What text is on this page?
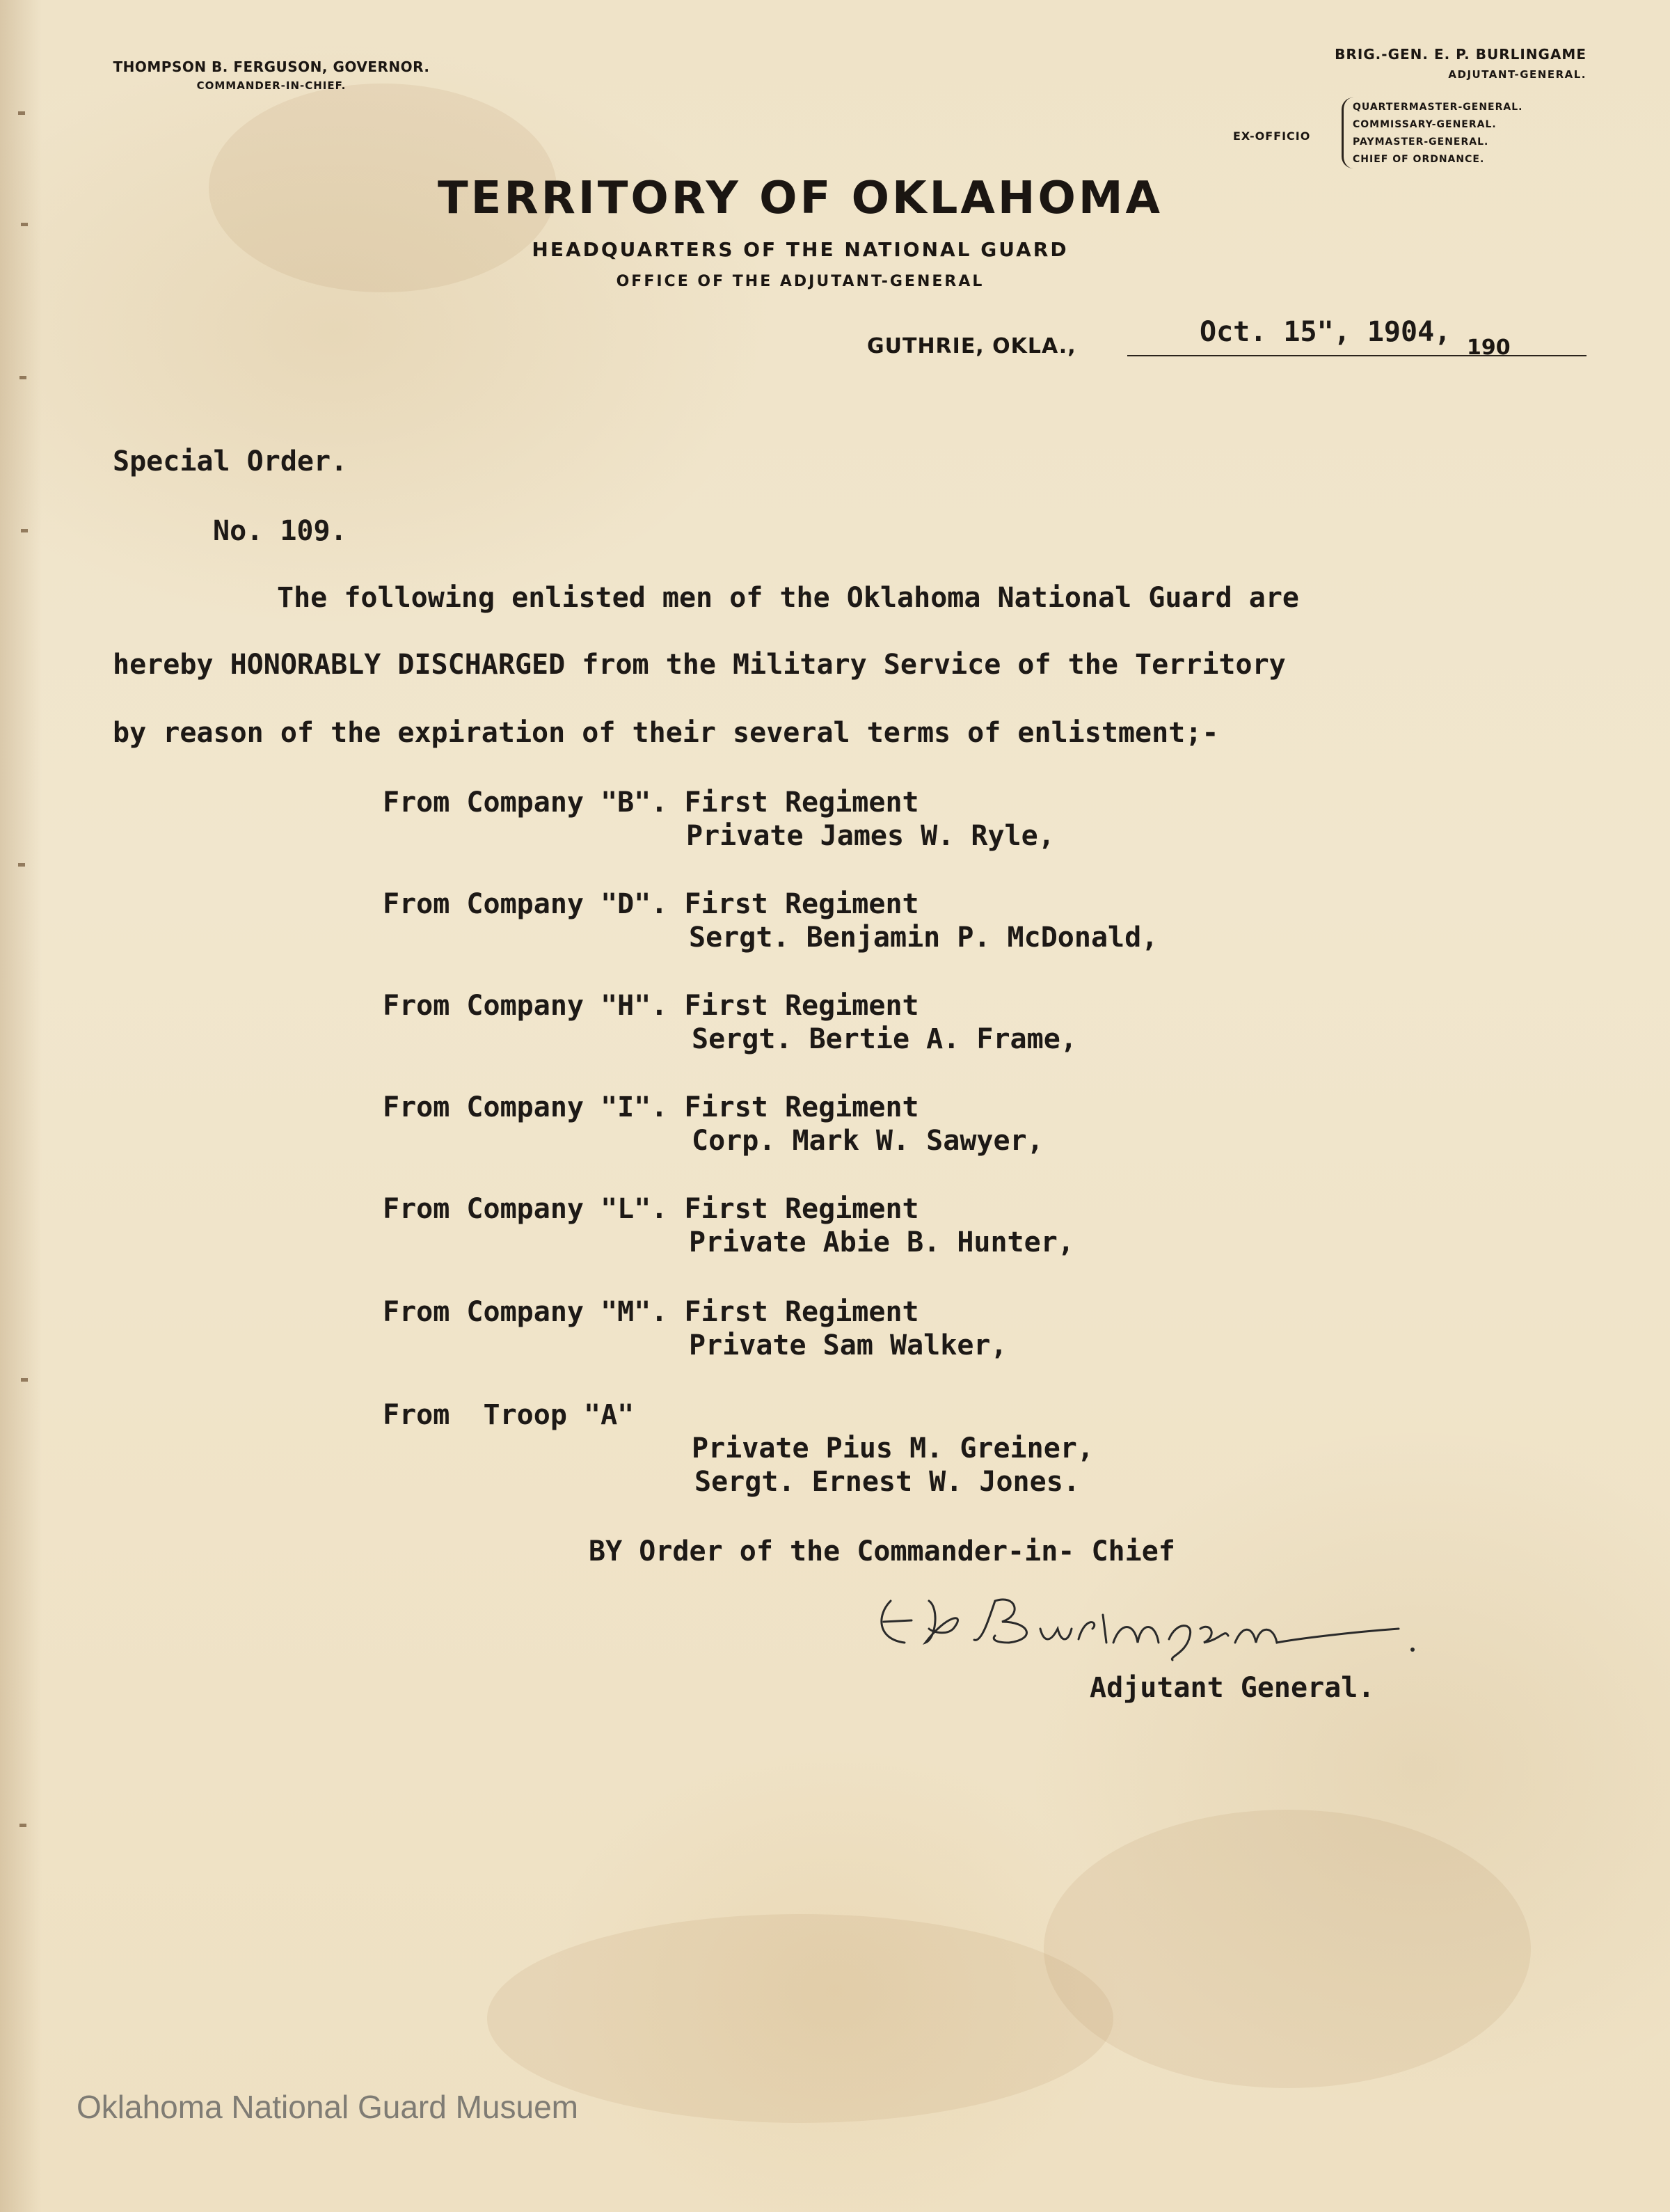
THOMPSON B. FERGUSON, GOVERNOR.
COMMANDER-IN-CHIEF.
BRIG.-GEN. E. P. BURLINGAME
ADJUTANT-GENERAL.
EX-OFFICIO
QUARTERMASTER-GENERAL.
COMMISSARY-GENERAL.
PAYMASTER-GENERAL.
CHIEF OF ORDNANCE.
TERRITORY OF OKLAHOMA
HEADQUARTERS OF THE NATIONAL GUARD
OFFICE OF THE ADJUTANT-GENERAL
GUTHRIE, OKLA.,	Oct. 15", 1904, 190
Special Order.
No. 109.
The following enlisted men of the Oklahoma National Guard are
hereby HONORABLY DISCHARGED from the Military Service of the Territory
by reason of the expiration of their several terms of enlistment;-
From Company "B". First Regiment
Private James W. Ryle,
From Company "D". First Regiment
Sergt. Benjamin P. McDonald,
From Company "H". First Regiment
Sergt. Bertie A. Frame,
From Company "I". First Regiment
Corp. Mark W. Sawyer,
From Company "L". First Regiment
Private Abie B. Hunter,
From Company "M". First Regiment
Private Sam Walker,
From  Troop "A"
Private Pius M. Greiner,
Sergt. Ernest W. Jones.
BY Order of the Commander-in- Chief
Adjutant General.
Oklahoma National Guard Musuem
